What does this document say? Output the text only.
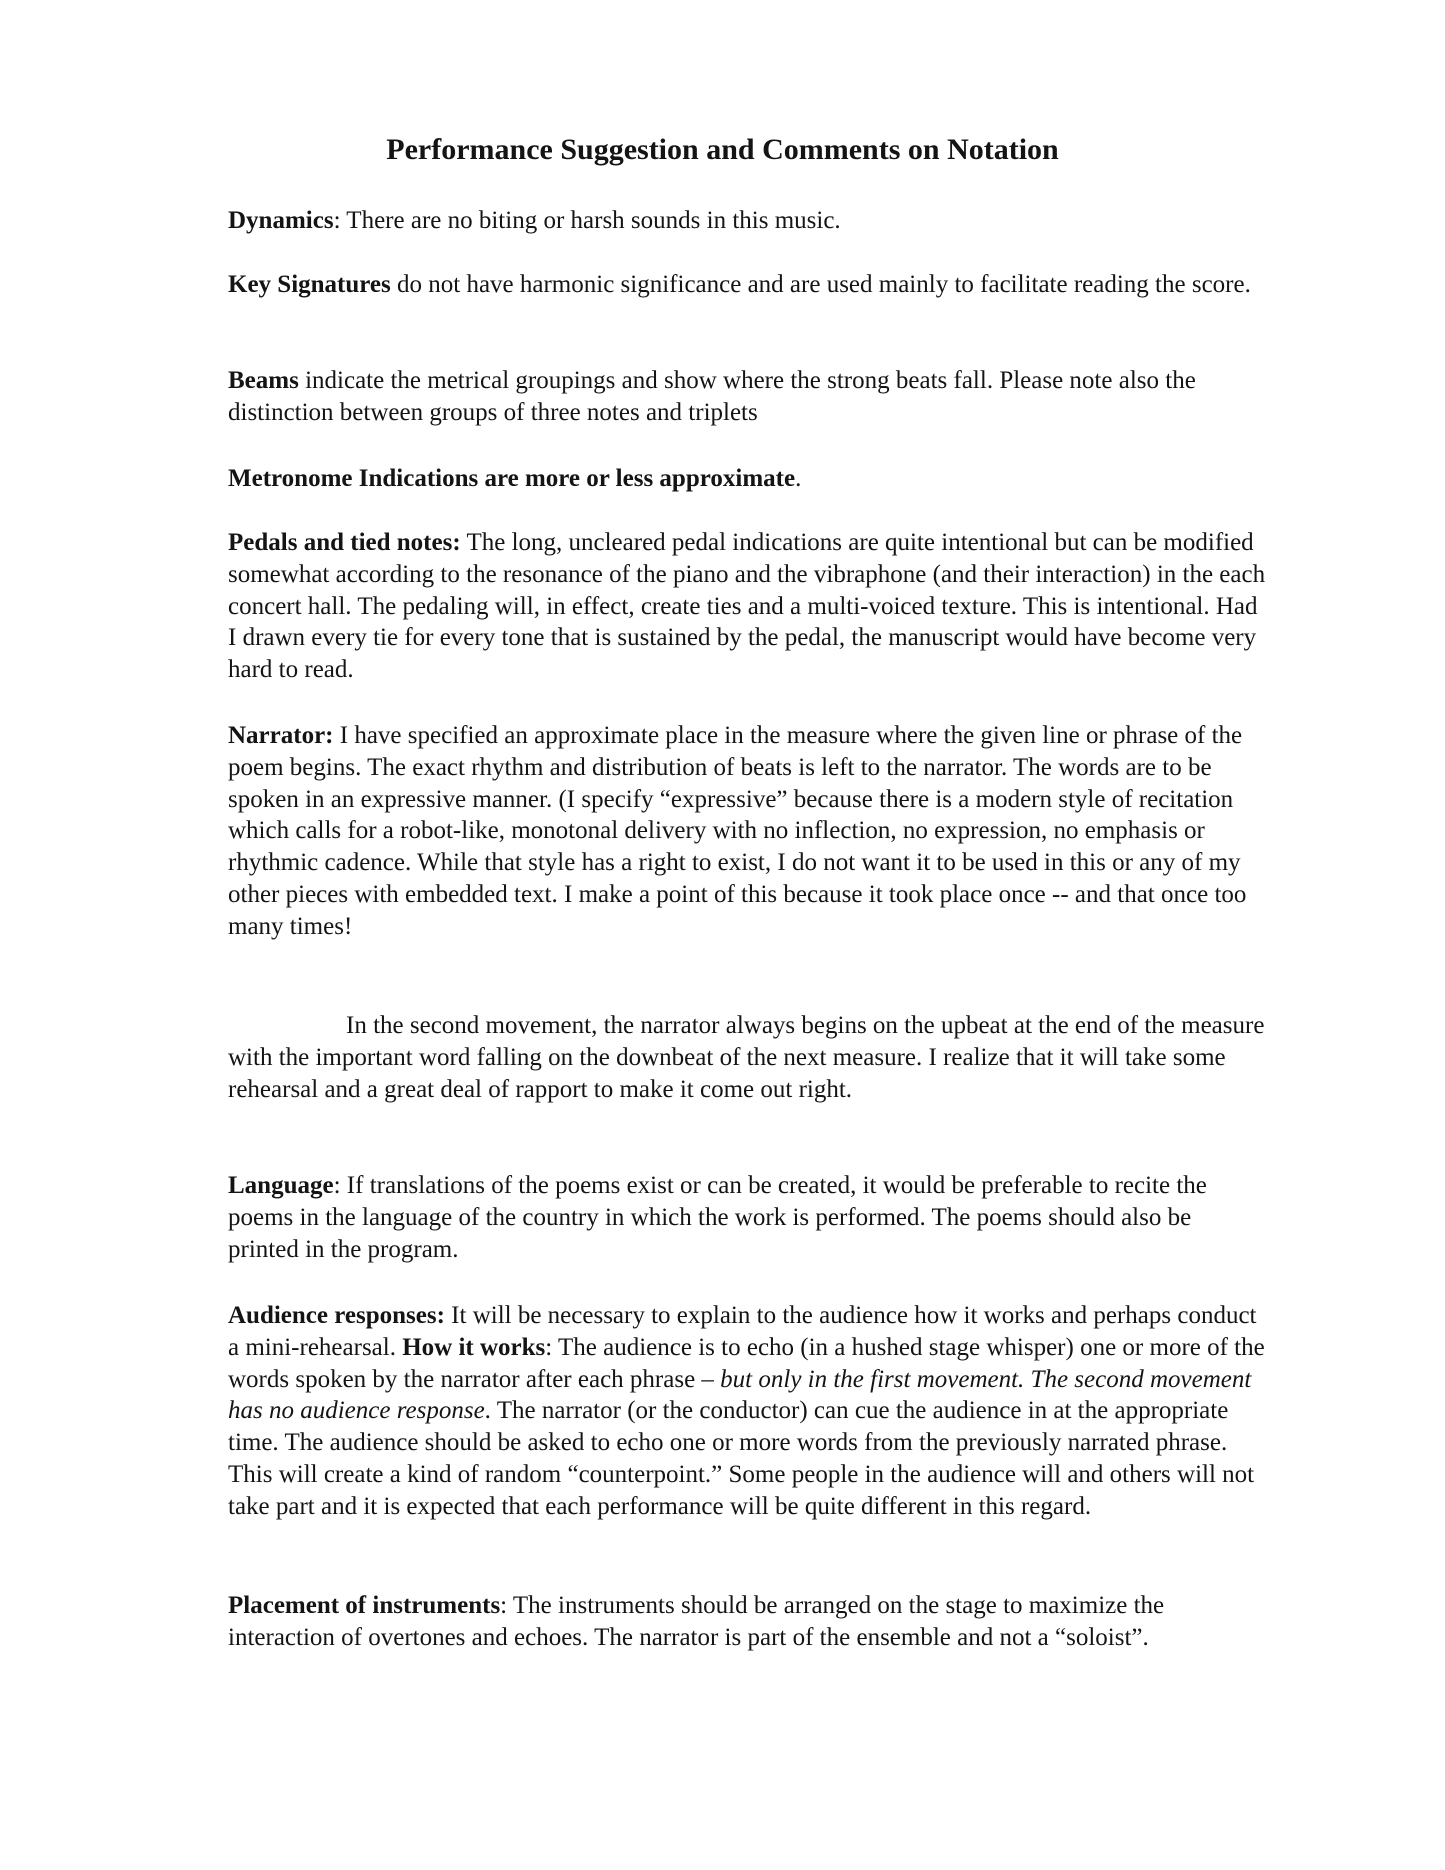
Performance Suggestion and Comments on Notation

Dynamics: There are no biting or harsh sounds in this music.

Key Signatures do not have harmonic significance and are used mainly to facilitate reading the score.

Beams indicate the metrical groupings and show where the strong beats fall. Please note also the distinction between groups of three notes and triplets

Metronome Indications are more or less approximate.

Pedals and tied notes: The long, uncleared pedal indications are quite intentional but can be modified somewhat according to the resonance of the piano and the vibraphone (and their interaction) in the each concert hall. The pedaling will, in effect, create ties and a multi-voiced texture. This is intentional. Had I drawn every tie for every tone that is sustained by the pedal, the manuscript would have become very hard to read.

Narrator: I have specified an approximate place in the measure where the given line or phrase of the poem begins. The exact rhythm and distribution of beats is left to the narrator. The words are to be spoken in an expressive manner. (I specify “expressive” because there is a modern style of recitation which calls for a robot-like, monotonal delivery with no inflection, no expression, no emphasis or rhythmic cadence. While that style has a right to exist, I do not want it to be used in this or any of my other pieces with embedded text. I make a point of this because it took place once -- and that once too many times!

In the second movement, the narrator always begins on the upbeat at the end of the measure with the important word falling on the downbeat of the next measure. I realize that it will take some rehearsal and a great deal of rapport to make it come out right.

Language: If translations of the poems exist or can be created, it would be preferable to recite the poems in the language of the country in which the work is performed. The poems should also be printed in the program.

Audience responses: It will be necessary to explain to the audience how it works and perhaps conduct a mini-rehearsal. How it works: The audience is to echo (in a hushed stage whisper) one or more of the words spoken by the narrator after each phrase – but only in the first movement. The second movement has no audience response. The narrator (or the conductor) can cue the audience in at the appropriate time. The audience should be asked to echo one or more words from the previously narrated phrase. This will create a kind of random “counterpoint.” Some people in the audience will and others will not take part and it is expected that each performance will be quite different in this regard.

Placement of instruments: The instruments should be arranged on the stage to maximize the interaction of overtones and echoes. The narrator is part of the ensemble and not a “soloist”.
